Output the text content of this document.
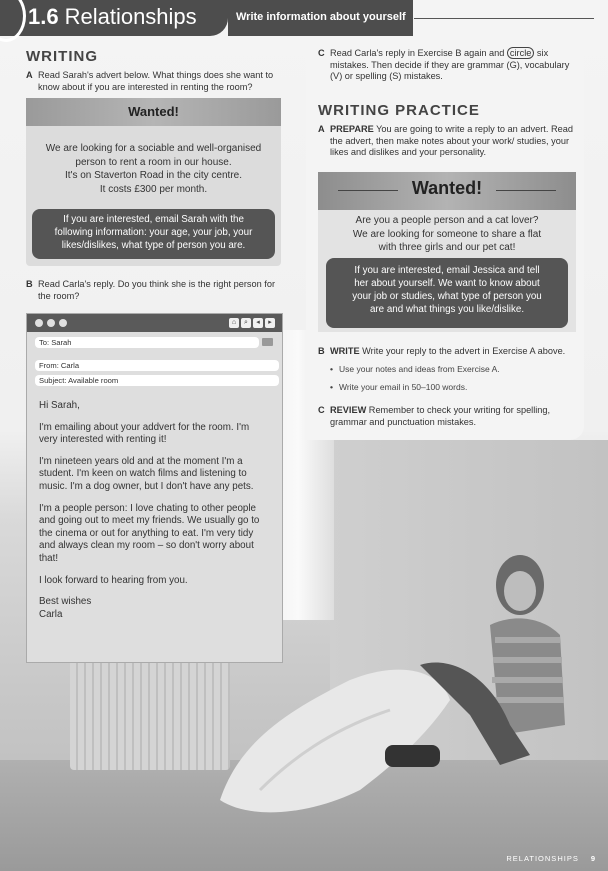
1.6 Relationships	Write information about yourself
WRITING
A Read Sarah's advert below. What things does she want to know about if you are interested in renting the room?
Wanted!
We are looking for a sociable and well-organised
person to rent a room in our house.
It's on Staverton Road in the city centre.
It costs £300 per month.
If you are interested, email Sarah with the
following information: your age, your job, your
likes/dislikes, what type of person you are.
B Read Carla's reply. Do you think she is the right person for the room?
⌂	⌕	◂	▸
To: Sarah
From: Carla
Subject: Available room

Hi Sarah,

I'm emailing about your addvert for the room. I'm very interested with renting it!

I'm nineteen years old and at the moment I'm a student. I'm keen on watch films and listening to music. I'm a dog owner, but I don't have any pets.

I'm a people person: I love chating to other people and going out to meet my friends. We usually go to the cinema or out for anything to eat. I'm very tidy and always clean my room – so don't worry about that!

I look forward to hearing from you.

Best wishes
Carla
C Read Carla's reply in Exercise B again and circle six mistakes. Then decide if they are grammar (G), vocabulary (V) or spelling (S) mistakes.
WRITING PRACTICE
A PREPARE You are going to write a reply to an advert. Read the advert, then make notes about your work/ studies, your likes and dislikes and your personality.
Wanted!
Are you a people person and a cat lover?
We are looking for someone to share a flat
with three girls and our pet cat!
If you are interested, email Jessica and tell
her about yourself. We want to know about
your job or studies, what type of person you
are and what things you like/dislike.
B WRITE Write your reply to the advert in Exercise A above.
• Use your notes and ideas from Exercise A.
• Write your email in 50–100 words.
C REVIEW Remember to check your writing for spelling, grammar and punctuation mistakes.
RELATIONSHIPS 9
